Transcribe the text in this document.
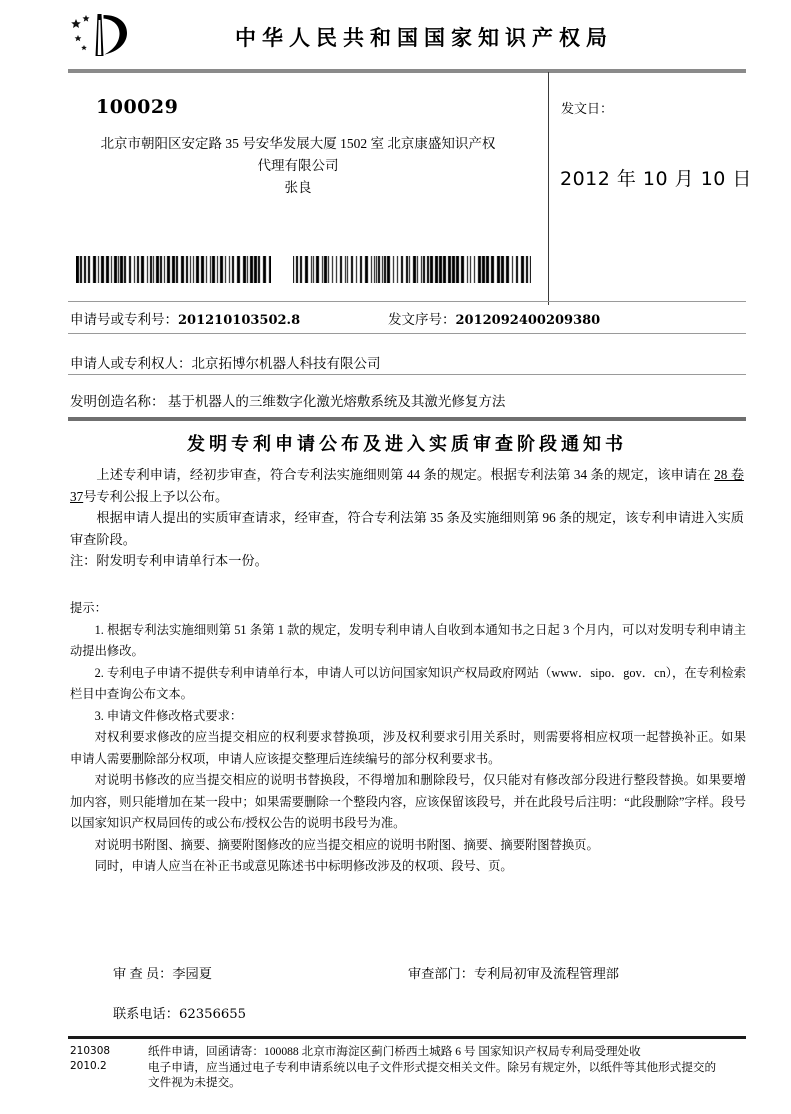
中华人民共和国国家知识产权局
100029
北京市朝阳区安定路 35 号安华发展大厦 1502 室 北京康盛知识产权
代理有限公司
张良
发文日：
2012 年 10 月 10 日
申请号或专利号：201210103502.8	发文序号：2012092400209380
申请人或专利权人：北京拓博尔机器人科技有限公司
发明创造名称： 基于机器人的三维数字化激光熔敷系统及其激光修复方法
发明专利申请公布及进入实质审查阶段通知书
上述专利申请，经初步审查，符合专利法实施细则第 44 条的规定。根据专利法第 34 条的规定，该申请在 28 卷 37号专利公报上予以公布。
根据申请人提出的实质审查请求，经审查，符合专利法第 35 条及实施细则第 96 条的规定，该专利申请进入实质审查阶段。
注：附发明专利申请单行本一份。

提示：

1. 根据专利法实施细则第 51 条第 1 款的规定，发明专利申请人自收到本通知书之日起 3 个月内，可以对发明专利申请主动提出修改。

2. 专利电子申请不提供专利申请单行本，申请人可以访问国家知识产权局政府网站（www．sipo．gov．cn），在专利检索栏目中查询公布文本。

3. 申请文件修改格式要求：

对权利要求修改的应当提交相应的权利要求替换项，涉及权利要求引用关系时，则需要将相应权项一起替换补正。如果申请人需要删除部分权项，申请人应该提交整理后连续编号的部分权利要求书。

对说明书修改的应当提交相应的说明书替换段，不得增加和删除段号，仅只能对有修改部分段进行整段替换。如果要增加内容，则只能增加在某一段中；如果需要删除一个整段内容，应该保留该段号，并在此段号后注明：“此段删除”字样。段号以国家知识产权局回传的或公布/授权公告的说明书段号为准。

对说明书附图、摘要、摘要附图修改的应当提交相应的说明书附图、摘要、摘要附图替换页。

同时，申请人应当在补正书或意见陈述书中标明修改涉及的权项、段号、页。

审 查 员：李园夏	审查部门：专利局初审及流程管理部
联系电话：62356655
210308
2010.2

纸件申请，回函请寄：100088 北京市海淀区蓟门桥西土城路 6 号 国家知识产权局专利局受理处收

电子申请，应当通过电子专利申请系统以电子文件形式提交相关文件。除另有规定外，以纸件等其他形式提交的

文件视为未提交。
